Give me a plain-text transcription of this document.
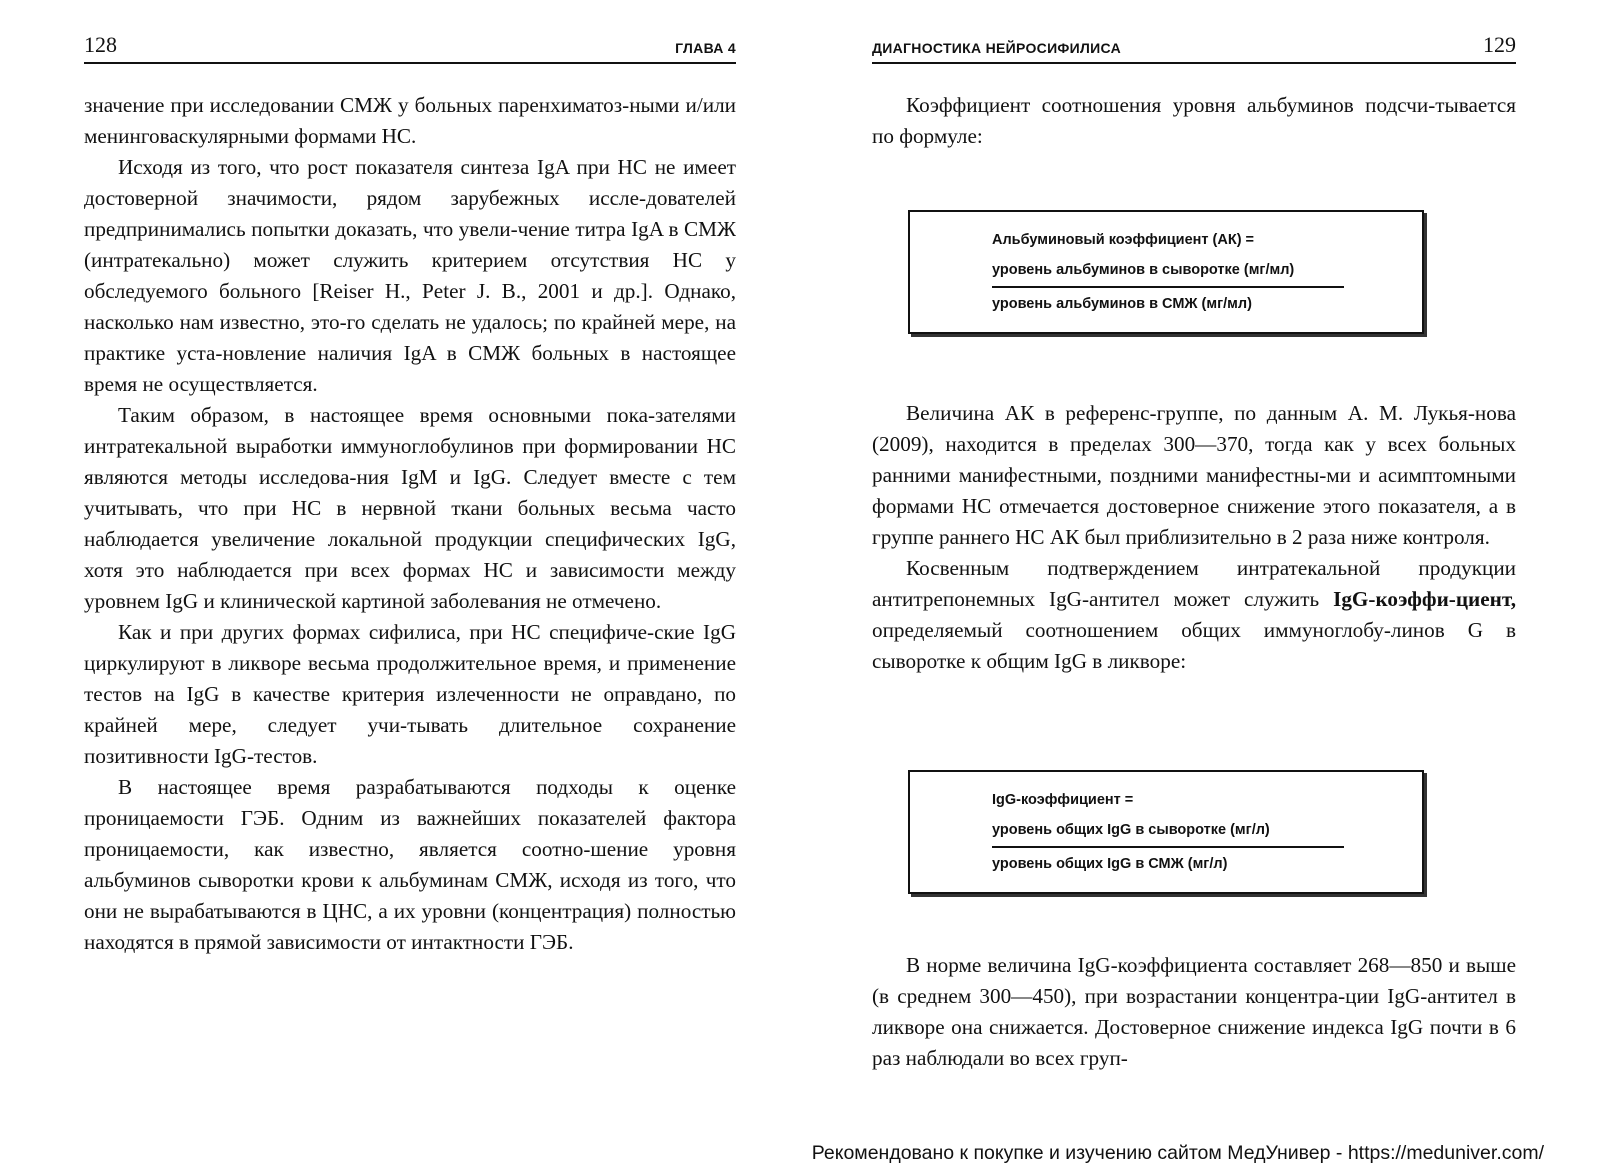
128	ГЛАВА 4

значение при исследовании СМЖ у больных паренхиматоз-ными и/или менинговаскулярными формами НС.

Исходя из того, что рост показателя синтеза IgA при НС не имеет достоверной значимости, рядом зарубежных иссле-дователей предпринимались попытки доказать, что увели-чение титра IgA в СМЖ (интратекально) может служить критерием отсутствия НС у обследуемого больного [Reiser H., Peter J. B., 2001 и др.]. Однако, насколько нам известно, это-го сделать не удалось; по крайней мере, на практике уста-новление наличия IgA в СМЖ больных в настоящее время не осуществляется.

Таким образом, в настоящее время основными пока-зателями интратекальной выработки иммуноглобулинов при формировании НС являются методы исследова-ния IgM и IgG. Следует вместе с тем учитывать, что при НС в нервной ткани больных весьма часто наблюдается увеличение локальной продукции специфических IgG, хотя это наблюдается при всех формах НС и зависимости между уровнем IgG и клинической картиной заболевания не отмечено.

Как и при других формах сифилиса, при НС специфиче-ские IgG циркулируют в ликворе весьма продолжительное время, и применение тестов на IgG в качестве критерия излеченности не оправдано, по крайней мере, следует учи-тывать длительное сохранение позитивности IgG-тестов.

В настоящее время разрабатываются подходы к оценке проницаемости ГЭБ. Одним из важнейших показателей фактора проницаемости, как известно, является соотно-шение уровня альбуминов сыворотки крови к альбуминам СМЖ, исходя из того, что они не вырабатываются в ЦНС, а их уровни (концентрация) полностью находятся в прямой зависимости от интактности ГЭБ.

ДИАГНОСТИКА НЕЙРОСИФИЛИСА	129

Коэффициент соотношения уровня альбуминов подсчи-тывается по формуле:

Альбуминовый коэффициент (АК) =
уровень альбуминов в сыворотке (мг/мл)
уровень альбуминов в СМЖ (мг/мл)

Величина АК в референс-группе, по данным А. М. Лукья-нова (2009), находится в пределах 300—370, тогда как у всех больных ранними манифестными, поздними манифестны-ми и асимптомными формами НС отмечается достоверное снижение этого показателя, а в группе раннего НС АК был приблизительно в 2 раза ниже контроля.

Косвенным подтверждением интратекальной продукции антитрепонемных IgG-антител может служить IgG-коэффи-циент, определяемый соотношением общих иммуноглобу-линов G в сыворотке к общим IgG в ликворе:

IgG-коэффициент =
уровень общих IgG в сыворотке (мг/л)
уровень общих IgG в СМЖ (мг/л)

В норме величина IgG-коэффициента составляет 268—850 и выше (в среднем 300—450), при возрастании концентра-ции IgG-антител в ликворе она снижается. Достоверное снижение индекса IgG почти в 6 раз наблюдали во всех груп-

Рекомендовано к покупке и изучению сайтом МедУнивер - https://meduniver.com/
